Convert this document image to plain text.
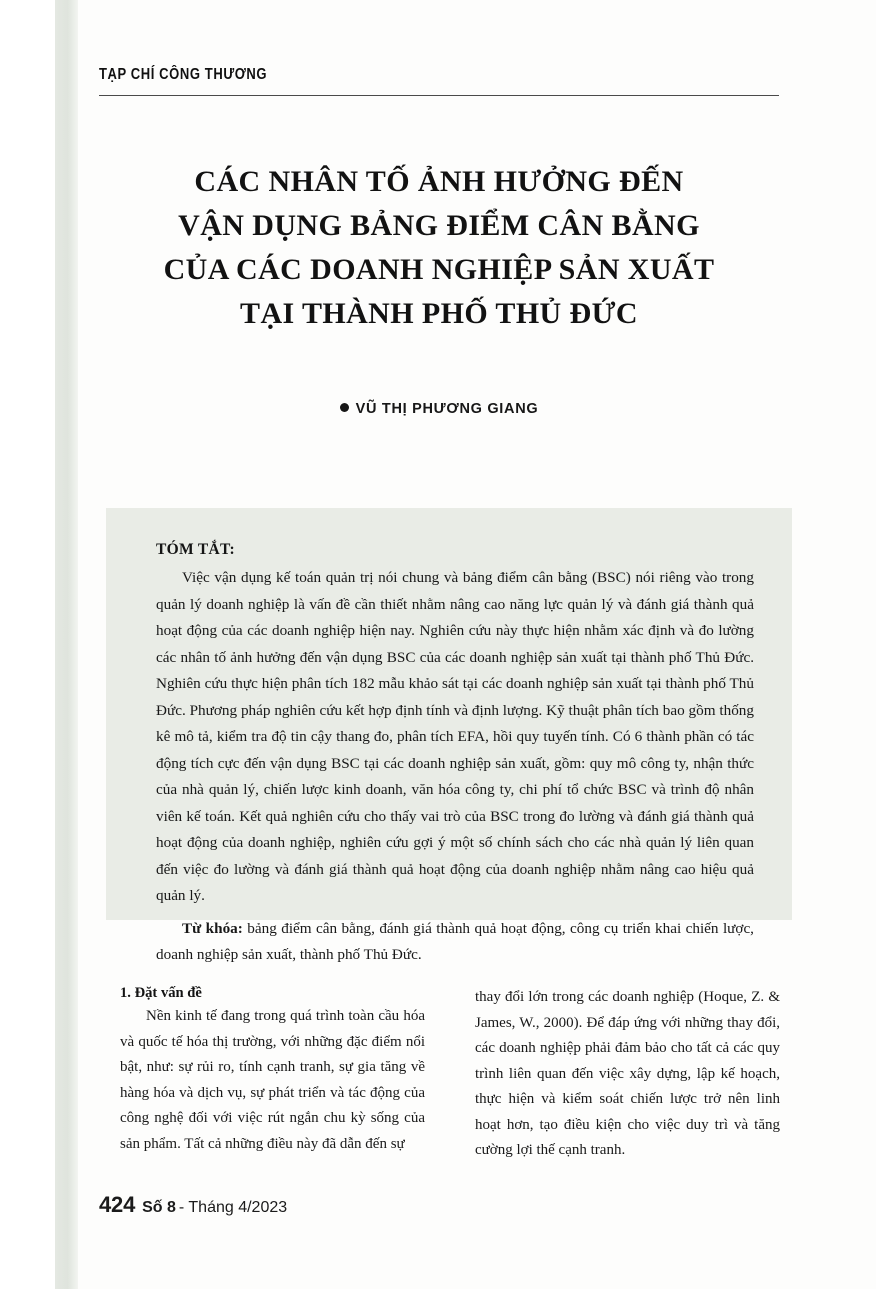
TẠP CHÍ CÔNG THƯƠNG
CÁC NHÂN TỐ ẢNH HƯỞNG ĐẾN
VẬN DỤNG BẢNG ĐIỂM CÂN BẰNG
CỦA CÁC DOANH NGHIỆP SẢN XUẤT
TẠI THÀNH PHỐ THỦ ĐỨC
VŨ THỊ PHƯƠNG GIANG
TÓM TẮT:

Việc vận dụng kế toán quản trị nói chung và bảng điểm cân bằng (BSC) nói riêng vào trong quản lý doanh nghiệp là vấn đề cần thiết nhằm nâng cao năng lực quản lý và đánh giá thành quả hoạt động của các doanh nghiệp hiện nay. Nghiên cứu này thực hiện nhằm xác định và đo lường các nhân tố ảnh hưởng đến vận dụng BSC của các doanh nghiệp sản xuất tại thành phố Thủ Đức. Nghiên cứu thực hiện phân tích 182 mẫu khảo sát tại các doanh nghiệp sản xuất tại thành phố Thủ Đức. Phương pháp nghiên cứu kết hợp định tính và định lượng. Kỹ thuật phân tích bao gồm thống kê mô tả, kiểm tra độ tin cậy thang đo, phân tích EFA, hồi quy tuyến tính. Có 6 thành phần có tác động tích cực đến vận dụng BSC tại các doanh nghiệp sản xuất, gồm: quy mô công ty, nhận thức của nhà quản lý, chiến lược kinh doanh, văn hóa công ty, chi phí tổ chức BSC và trình độ nhân viên kế toán. Kết quả nghiên cứu cho thấy vai trò của BSC trong đo lường và đánh giá thành quả hoạt động của doanh nghiệp, nghiên cứu gợi ý một số chính sách cho các nhà quản lý liên quan đến việc đo lường và đánh giá thành quả hoạt động của doanh nghiệp nhằm nâng cao hiệu quả quản lý.

Từ khóa: bảng điểm cân bằng, đánh giá thành quả hoạt động, công cụ triển khai chiến lược, doanh nghiệp sản xuất, thành phố Thủ Đức.

1. Đặt vấn đề

Nền kinh tế đang trong quá trình toàn cầu hóa và quốc tế hóa thị trường, với những đặc điểm nổi bật, như: sự rủi ro, tính cạnh tranh, sự gia tăng về hàng hóa và dịch vụ, sự phát triển và tác động của công nghệ đối với việc rút ngắn chu kỳ sống của sản phẩm. Tất cả những điều này đã dẫn đến sự

thay đổi lớn trong các doanh nghiệp (Hoque, Z. & James, W., 2000). Để đáp ứng với những thay đổi, các doanh nghiệp phải đảm bảo cho tất cả các quy trình liên quan đến việc xây dựng, lập kế hoạch, thực hiện và kiểm soát chiến lược trở nên linh hoạt hơn, tạo điều kiện cho việc duy trì và tăng cường lợi thế cạnh tranh.

424 Số 8 - Tháng 4/2023
